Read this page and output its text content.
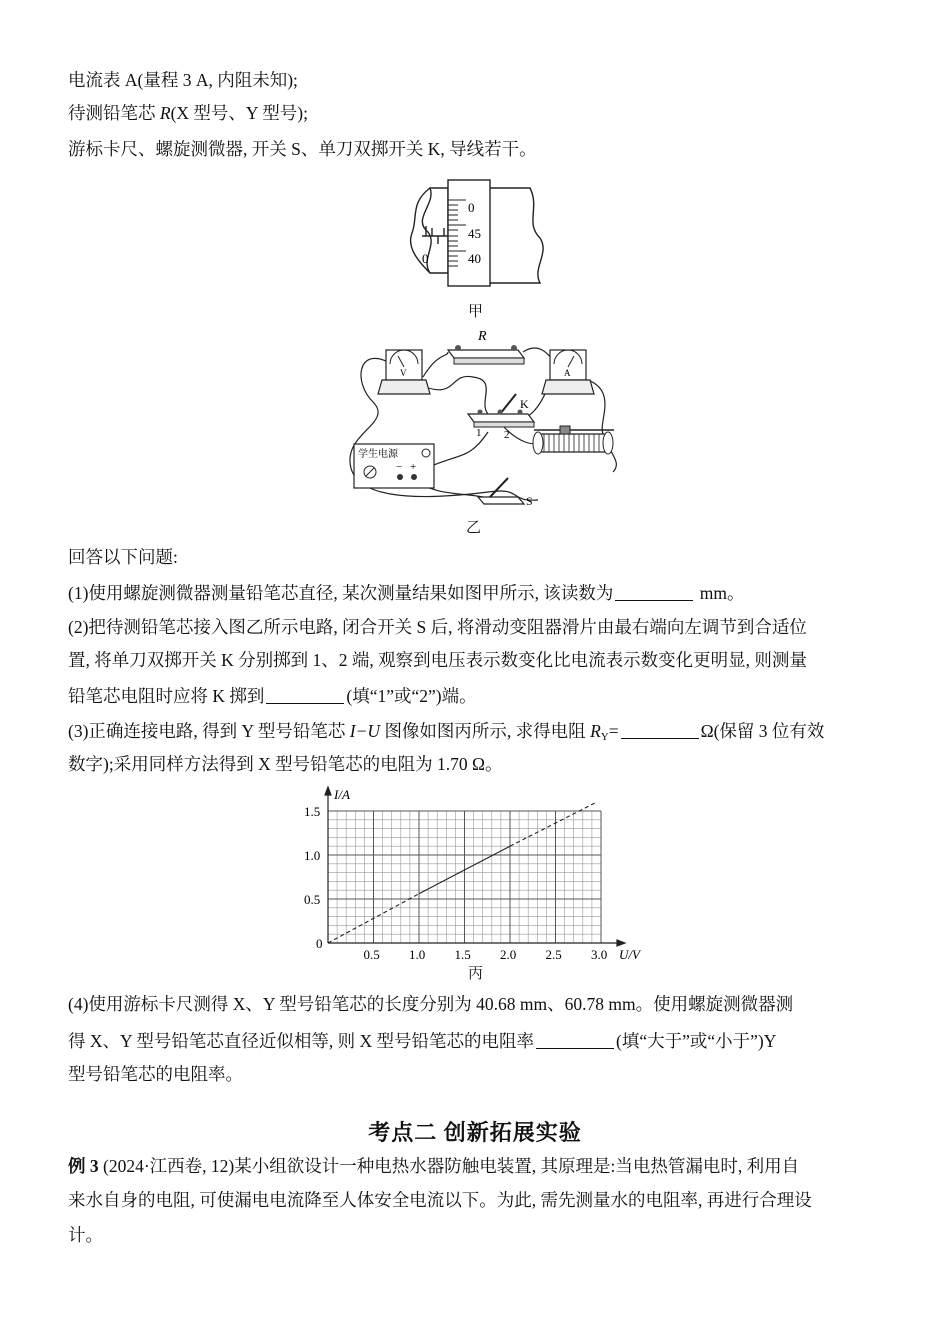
电流表 A(量程 3 A, 内阻未知);
待测铅笔芯 R(X 型号、Y 型号);
游标卡尺、螺旋测微器, 开关 S、单刀双掷开关 K, 导线若干。
0
45
40
0
甲
R
V	A
K
1 2
学生电源
− +
S
乙
回答以下问题:
(1)使用螺旋测微器测量铅笔芯直径, 某次测量结果如图甲所示, 该读数为	mm。
(2)把待测铅笔芯接入图乙所示电路, 闭合开关 S 后, 将滑动变阻器滑片由最右端向左调节到合适位
置, 将单刀双掷开关 K 分别掷到 1、2 端, 观察到电压表示数变化比电流表示数变化更明显, 则测量
铅笔芯电阻时应将 K 掷到	(填“1”或“2”)端。
(3)正确连接电路, 得到 Y 型号铅笔芯 I−U 图像如图丙所示, 求得电阻 $R_Y=$	Ω(保留 3 位有效
数字);采用同样方法得到 X 型号铅笔芯的电阻为 1.70 Ω。
0.5 1.0 1.5 2.0 2.5 3.0
0
0.5
1.0
1.5
U/V
I/A
丙
(4)使用游标卡尺测得 X、Y 型号铅笔芯的长度分别为 40.68 mm、60.78 mm。使用螺旋测微器测
得 X、Y 型号铅笔芯直径近似相等, 则 X 型号铅笔芯的电阻率	(填“大于”或“小于”)Y
型号铅笔芯的电阻率。
考点二 创新拓展实验
例 3 (2024·江西卷, 12)某小组欲设计一种电热水器防触电装置, 其原理是:当电热管漏电时, 利用自
来水自身的电阻, 可使漏电电流降至人体安全电流以下。为此, 需先测量水的电阻率, 再进行合理设
计。
